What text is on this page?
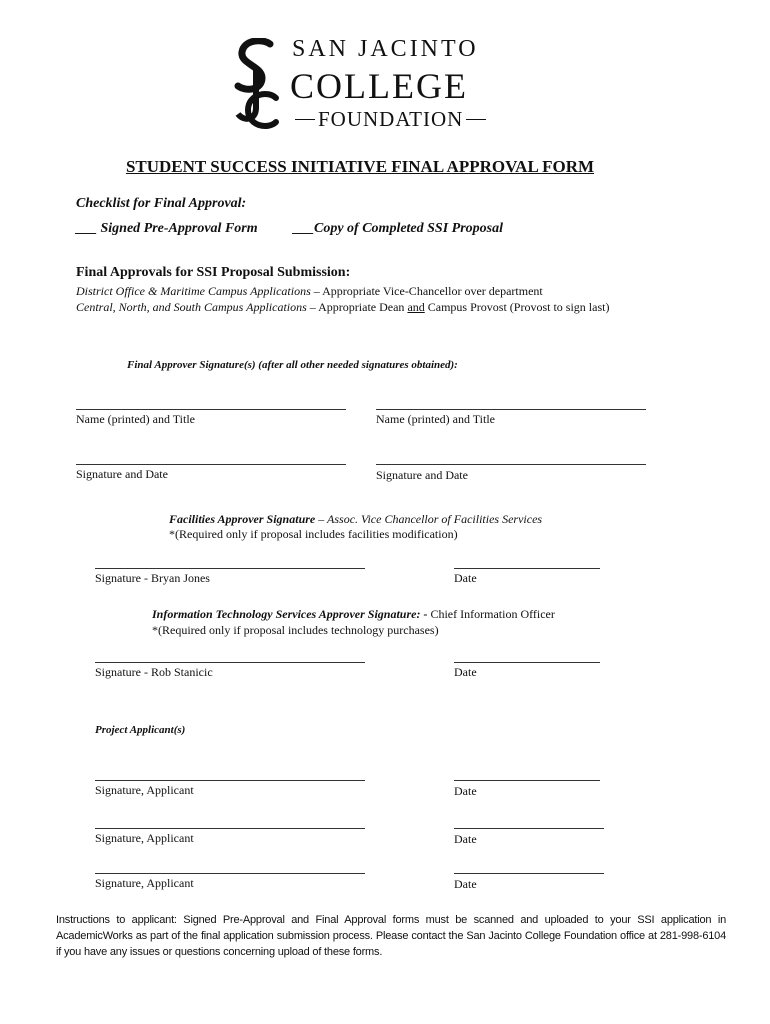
SAN JACINTO
COLLEGE
FOUNDATION
STUDENT SUCCESS INITIATIVE FINAL APPROVAL FORM
Checklist for Final Approval:
___ Signed Pre-Approval Form	___Copy of Completed SSI Proposal
Final Approvals for SSI Proposal Submission:
District Office & Maritime Campus Applications – Appropriate Vice-Chancellor over department
Central, North, and South Campus Applications – Appropriate Dean and Campus Provost (Provost to sign last)
Final Approver Signature(s) (after all other needed signatures obtained):
Name (printed) and Title	Name (printed) and Title
Signature and Date	Signature and Date
Facilities Approver Signature – Assoc. Vice Chancellor of Facilities Services
*(Required only if proposal includes facilities modification)
Signature - Bryan Jones	Date
Information Technology Services Approver Signature: - Chief Information Officer
*(Required only if proposal includes technology purchases)
Signature - Rob Stanicic	Date
Project Applicant(s)
Signature, Applicant	Date
Signature, Applicant	Date
Signature, Applicant	Date
Instructions to applicant: Signed Pre-Approval and Final Approval forms must be scanned and uploaded to your SSI application in AcademicWorks as part of the final application submission process. Please contact the San Jacinto College Foundation office at 281-998-6104 if you have any issues or questions concerning upload of these forms.
